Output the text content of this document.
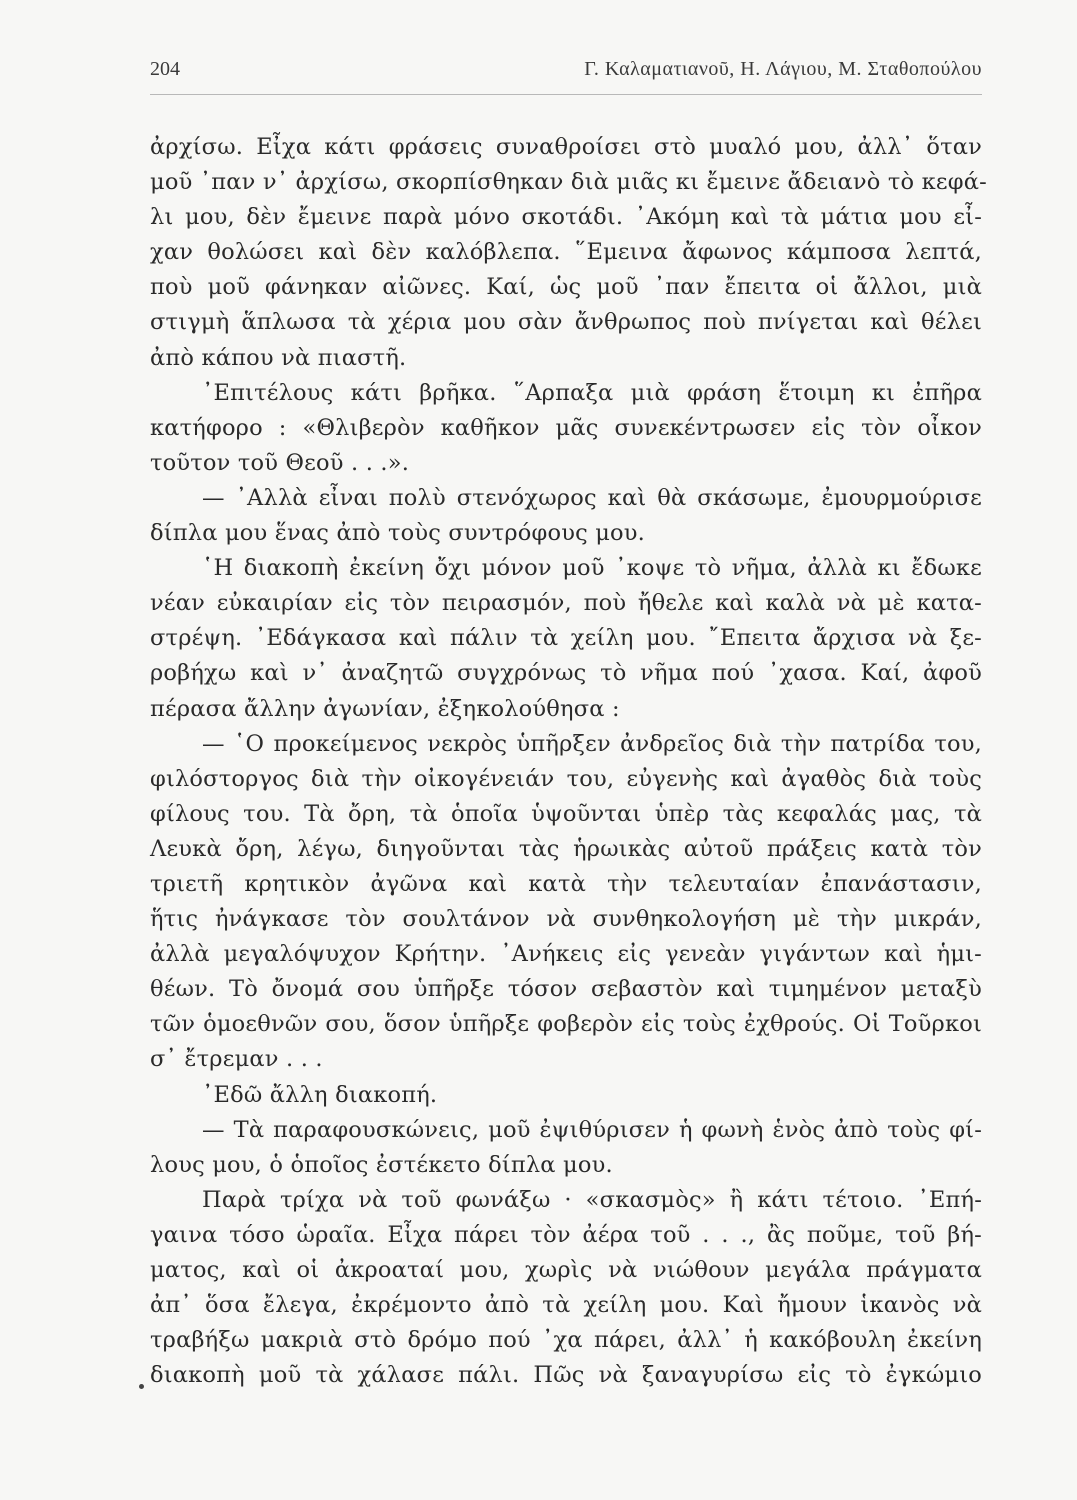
204	Γ. Καλαματιανοῦ, Η. Λάγιου, Μ. Σταθοπούλου
ἀρχίσω. Εἶχα κάτι φράσεις συναθροίσει στὸ μυαλό μου, ἀλλ᾽ ὅταν
μοῦ ᾽παν ν᾽ ἀρχίσω, σκορπίσθηκαν διὰ μιᾶς κι ἔμεινε ἄδειανὸ τὸ κεφά-
λι μου, δὲν ἔμεινε παρὰ μόνο σκοτάδι. ᾽Ακόμη καὶ τὰ μάτια μου εἶ-
χαν θολώσει καὶ δὲν καλόβλεπα. ῞Εμεινα ἄφωνος κάμποσα λεπτά,
ποὺ μοῦ φάνηκαν αἰῶνες. Καί, ὡς μοῦ ᾽παν ἔπειτα οἱ ἄλλοι, μιὰ
στιγμὴ ἅπλωσα τὰ χέρια μου σὰν ἄνθρωπος ποὺ πνίγεται καὶ θέλει
ἀπὸ κάπου νὰ πιαστῆ.
᾽Επιτέλους κάτι βρῆκα. ῞Αρπαξα μιὰ φράση ἕτοιμη κι ἐπῆρα
κατήφορο : «Θλιβερὸν καθῆκον μᾶς συνεκέντρωσεν εἰς τὸν οἶκον
τοῦτον τοῦ Θεοῦ . . .».
— ᾽Αλλὰ εἶναι πολὺ στενόχωρος καὶ θὰ σκάσωμε, ἐμουρμούρισε
δίπλα μου ἕνας ἀπὸ τοὺς συντρόφους μου.
῾Η διακοπὴ ἐκείνη ὄχι μόνον μοῦ ᾽κοψε τὸ νῆμα, ἀλλὰ κι ἔδωκε
νέαν εὐκαιρίαν εἰς τὸν πειρασμόν, ποὺ ἤθελε καὶ καλὰ νὰ μὲ κατα-
στρέψη. ᾽Εδάγκασα καὶ πάλιν τὰ χείλη μου. ῎Επειτα ἄρχισα νὰ ξε-
ροβήχω καὶ ν᾽ ἀναζητῶ συγχρόνως τὸ νῆμα πού ᾽χασα. Καί, ἀφοῦ
πέρασα ἄλλην ἀγωνίαν, ἐξηκολούθησα :
— ῾Ο προκείμενος νεκρὸς ὑπῆρξεν ἀνδρεῖος διὰ τὴν πατρίδα του,
φιλόστοργος διὰ τὴν οἰκογένειάν του, εὐγενὴς καὶ ἀγαθὸς διὰ τοὺς
φίλους του. Τὰ ὄρη, τὰ ὁποῖα ὑψοῦνται ὑπὲρ τὰς κεφαλάς μας, τὰ
Λευκὰ ὄρη, λέγω, διηγοῦνται τὰς ἡρωικὰς αὐτοῦ πράξεις κατὰ τὸν
τριετῆ κρητικὸν ἀγῶνα καὶ κατὰ τὴν τελευταίαν ἐπανάστασιν,
ἥτις ἠνάγκασε τὸν σουλτάνον νὰ συνθηκολογήση μὲ τὴν μικράν,
ἀλλὰ μεγαλόψυχον Κρήτην. ᾽Ανήκεις εἰς γενεὰν γιγάντων καὶ ἡμι-
θέων. Τὸ ὄνομά σου ὑπῆρξε τόσον σεβαστὸν καὶ τιμημένον μεταξὺ
τῶν ὁμοεθνῶν σου, ὅσον ὑπῆρξε φοβερὸν εἰς τοὺς ἐχθρούς. Οἱ Τοῦρκοι
σ᾽ ἔτρεμαν . . .
᾽Εδῶ ἄλλη διακοπή.
— Τὰ παραφουσκώνεις, μοῦ ἐψιθύρισεν ἡ φωνὴ ἑνὸς ἀπὸ τοὺς φί-
λους μου, ὁ ὁποῖος ἐστέκετο δίπλα μου.
Παρὰ τρίχα νὰ τοῦ φωνάξω · «σκασμὸς» ἢ κάτι τέτοιο. ᾽Επή-
γαινα τόσο ὡραῖα. Εἶχα πάρει τὸν ἀέρα τοῦ . . ., ἂς ποῦμε, τοῦ βή-
ματος, καὶ οἱ ἀκροαταί μου, χωρὶς νὰ νιώθουν μεγάλα πράγματα
ἀπ᾽ ὅσα ἔλεγα, ἐκρέμοντο ἀπὸ τὰ χείλη μου. Καὶ ἤμουν ἱκανὸς νὰ
τραβήξω μακριὰ στὸ δρόμο πού ᾽χα πάρει, ἀλλ᾽ ἡ κακόβουλη ἐκείνη
διακοπὴ μοῦ τὰ χάλασε πάλι. Πῶς νὰ ξαναγυρίσω εἰς τὸ ἐγκώμιο
